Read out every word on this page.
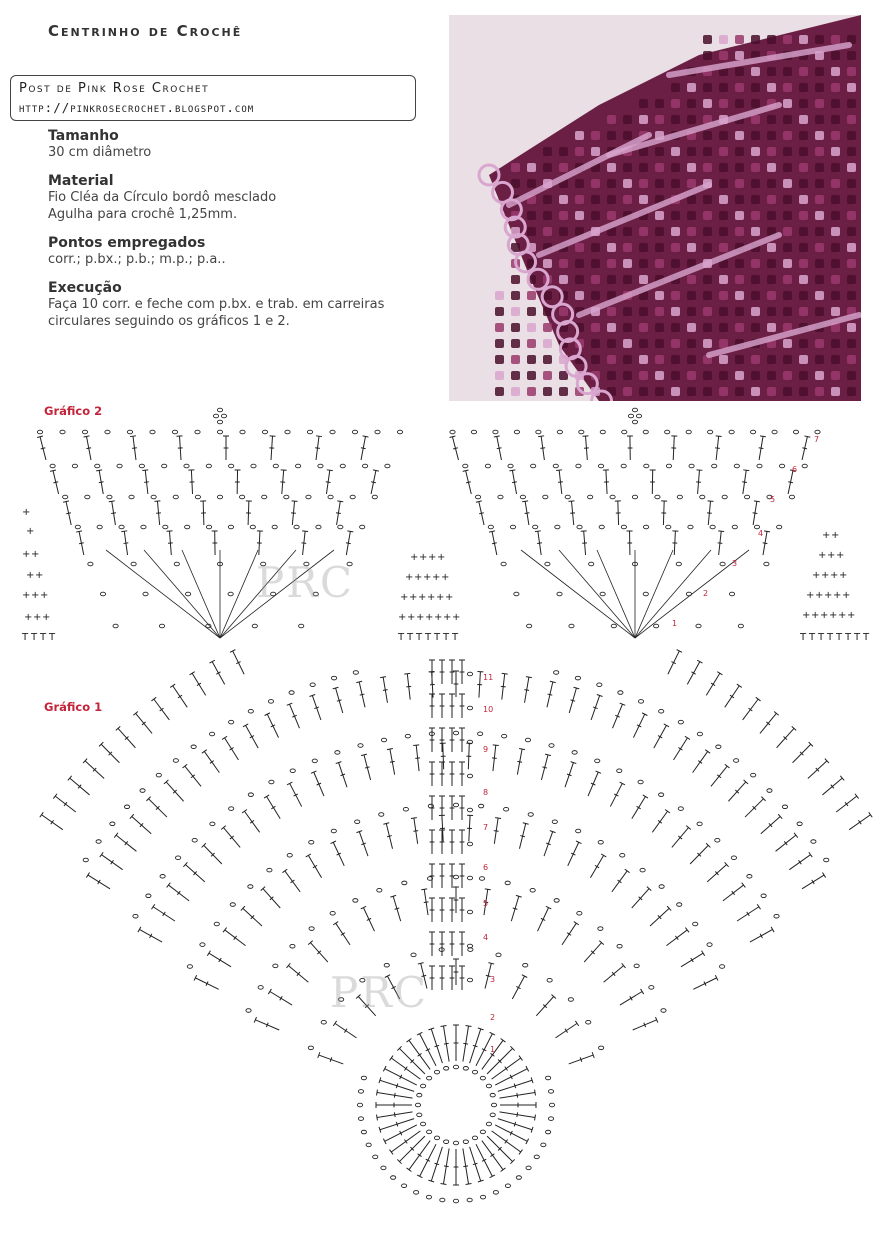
Centrinho de Crochê
Post de Pink Rose Crochet
http://pinkrosecrochet.blogspot.com
Tamanho

30 cm diâmetro

Material

Fio Cléa da Círculo bordô mesclado

Agulha para crochê 1,25mm.

Pontos empregados

corr.; p.bx.; p.b.; m.p.; p.a..

Execução

Faça 10 corr. e feche com p.bx. e trab. em carreiras

circulares seguindo os gráficos 1 e 2.

Gráfico 2
+
+
+ +
+ +
+ + +
+ + +
T T T T
+ + + +
+ + + + +
+ + + + + +
+ + + + + + +
T T T T T T T
+ +
+ + +
+ + + +
+ + + + +
+ + + + + +
T T T T T T T T
1
2
3
4
5
6
7
PRC
Gráfico 1
1
2
3
4
5
6
7
8
9
10
11
PRC
